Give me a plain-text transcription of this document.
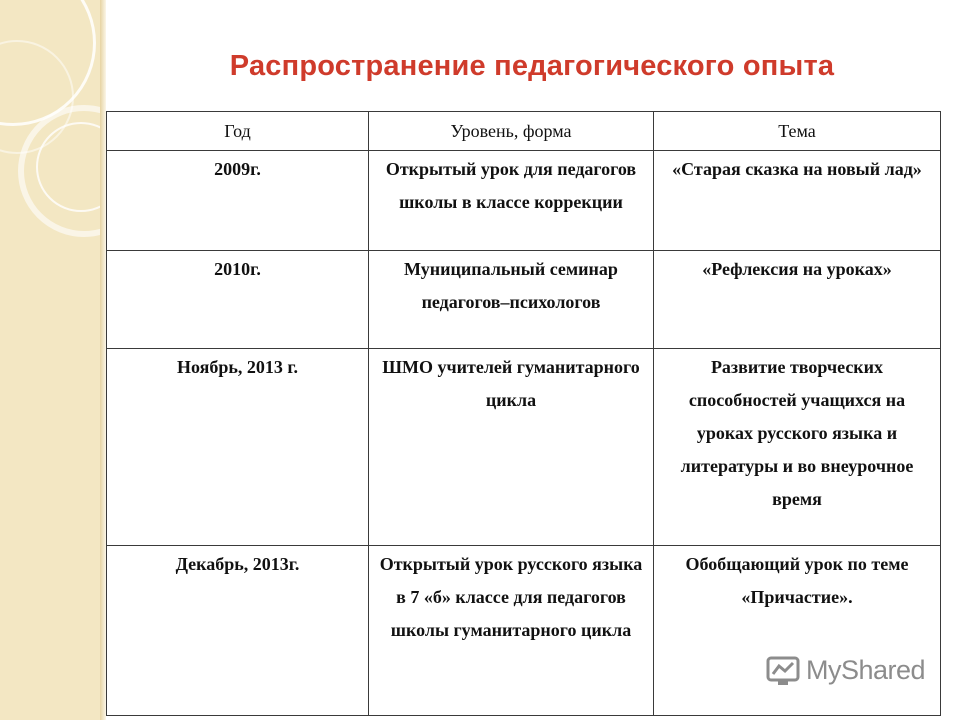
Распространение педагогического опыта
Год	Уровень, форма	Тема
2009г.	Открытый урок для педагогов школы в классе коррекции	«Старая сказка на новый лад»
2010г.	Муниципальный семинар педагогов–психологов	«Рефлексия на уроках»
Ноябрь, 2013 г.	ШМО учителей гуманитарного цикла	Развитие творческих способностей учащихся на уроках русского языка и литературы и во внеурочное время
Декабрь, 2013г.	Открытый урок русского языка в 7 «б» классе для педагогов школы гуманитарного цикла	Обобщающий урок по теме «Причастие».
MyShared
